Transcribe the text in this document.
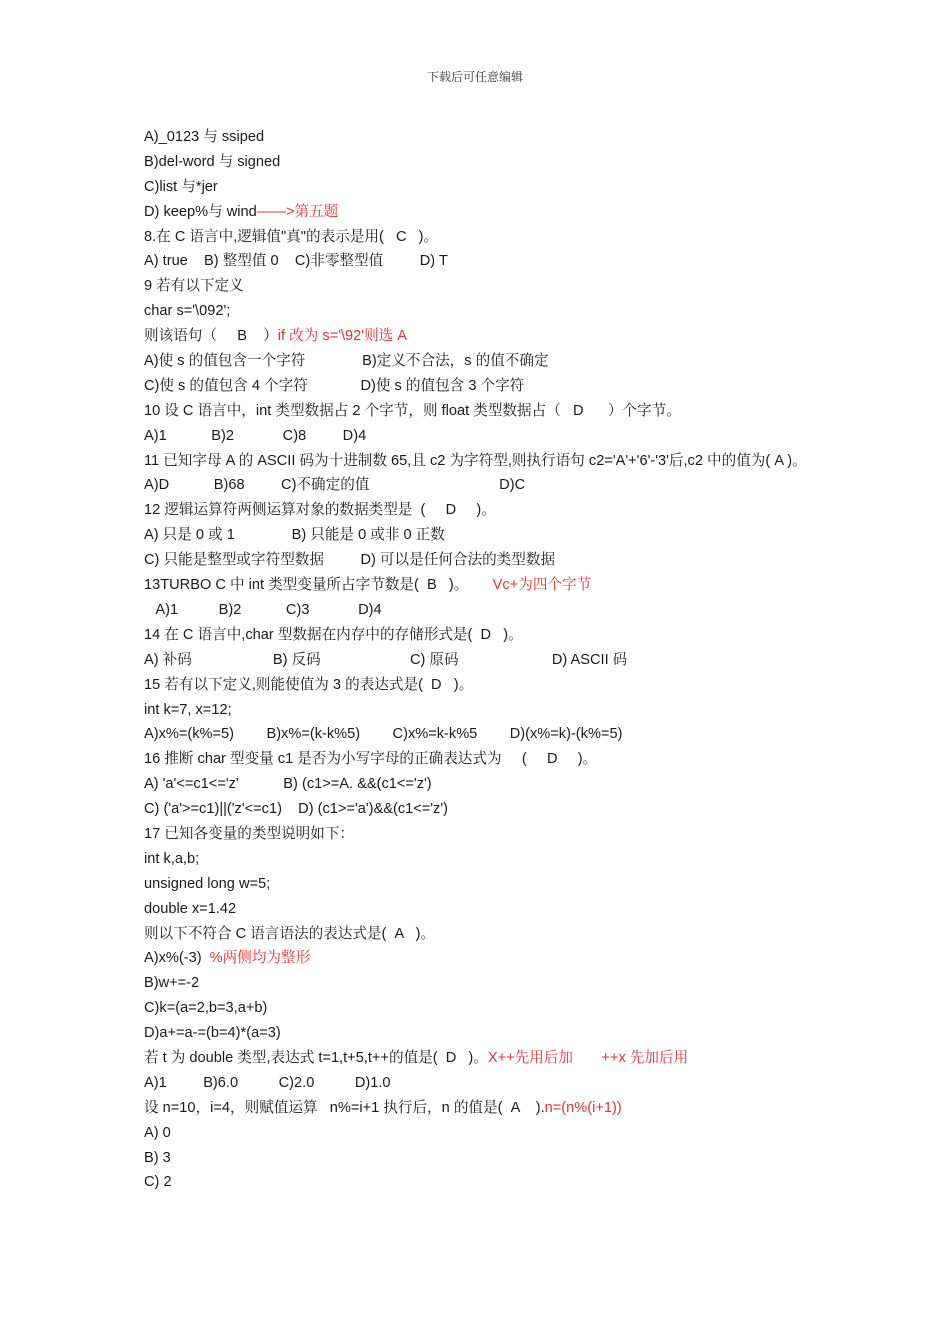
下载后可任意编辑
A)_0123 与 ssiped
B)del-word 与 signed
C)list 与*jer
D) keep%与 wind——>第五题
8.在 C 语言中,逻辑值"真"的表示是用(   C   )。
A) true    B) 整型值 0    C)非零整型值         D) T
9 若有以下定义
char s='\092';
则该语句（     B    ）if 改为 s='\92'则选 A
A)使 s 的值包含一个字符              B)定义不合法，s 的值不确定
C)使 s 的值包含 4 个字符             D)使 s 的值包含 3 个字符
10 设 C 语言中，int 类型数据占 2 个字节，则 float 类型数据占（   D      ）个字节。
A)1           B)2            C)8         D)4
11 已知字母 A 的 ASCII 码为十进制数 65,且 c2 为字符型,则执行语句 c2='A'+'6'-'3'后,c2 中的值为( A )。
A)D           B)68         C)不确定的值                                D)C
12 逻辑运算符两侧运算对象的数据类型是  (     D     )。
A) 只是 0 或 1              B) 只能是 0 或非 0 正数
C) 只能是整型或字符型数据         D) 可以是任何合法的类型数据
13TURBO C 中 int 类型变量所占字节数是(  B   )。      Vc+为四个字节
A)1          B)2           C)3            D)4
14 在 C 语言中,char 型数据在内存中的存储形式是(  D   )。
A) 补码                    B) 反码                      C) 原码                       D) ASCII 码
15 若有以下定义,则能使值为 3 的表达式是(  D   )。
int k=7, x=12;
A)x%=(k%=5)        B)x%=(k-k%5)        C)x%=k-k%5        D)(x%=k)-(k%=5)
16 推断 char 型变量 c1 是否为小写字母的正确表达式为     (     D     )。
A) 'a'<=c1<='z'           B) (c1>=A. &&(c1<='z')
C) ('a'>=c1)||('z'<=c1)    D) (c1>='a')&&(c1<='z')
17 已知各变量的类型说明如下：
int k,a,b;
unsigned long w=5;
double x=1.42
则以下不符合 C 语言语法的表达式是(  A   )。
A)x%(-3)  %两侧均为整形
B)w+=-2
C)k=(a=2,b=3,a+b)
D)a+=a-=(b=4)*(a=3)
若 t 为 double 类型,表达式 t=1,t+5,t++的值是(  D   )。X++先用后加       ++x 先加后用
A)1         B)6.0          C)2.0          D)1.0
设 n=10，i=4，则赋值运算   n%=i+1 执行后，n 的值是(  A    ).n=(n%(i+1))
A) 0
B) 3
C) 2
